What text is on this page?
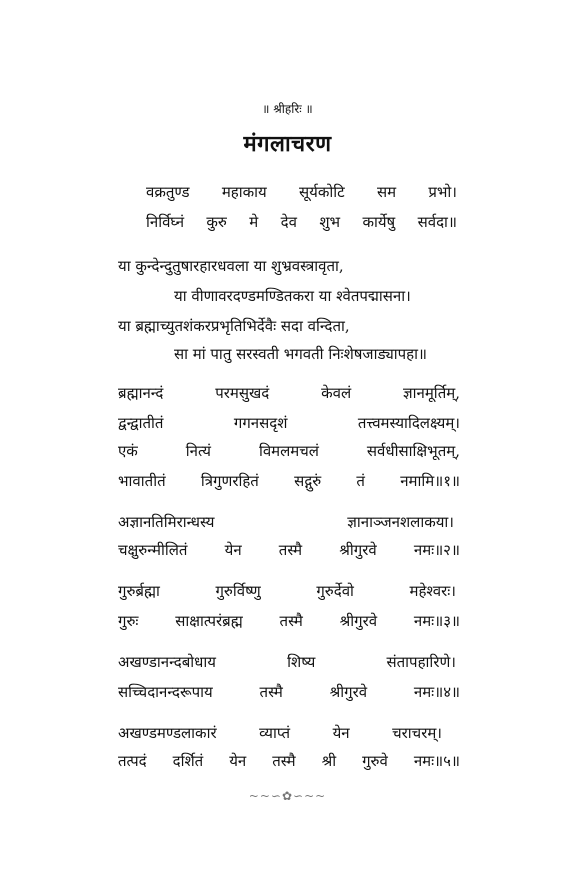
॥ श्रीहरिः ॥
मंगलाचरण
वक्रतुण्ड महाकाय सूर्यकोटि सम प्रभो।
निर्विघ्नं कुरु मे देव शुभ कार्येषु सर्वदा॥
या कुन्देन्दुतुषारहारधवला या शुभ्रवस्त्रावृता,
या वीणावरदण्डमण्डितकरा या श्वेतपद्मासना।
या ब्रह्माच्युतशंकरप्रभृतिभिर्देवैः सदा वन्दिता,
सा मां पातु सरस्वती भगवती निःशेषजाड्यापहा॥
ब्रह्मानन्दं	परमसुखदं	केवलं	ज्ञानमूर्तिम्,
द्वन्द्वातीतं	गगनसदृशं	तत्त्वमस्यादिलक्ष्यम्।
एकं	नित्यं	विमलमचलं	सर्वधीसाक्षिभूतम्,
भावातीतं त्रिगुणरहितं सद्गुरुं तं नमामि॥१॥
अज्ञानतिमिरान्धस्य	ज्ञानाञ्जनशलाकया।
चक्षुरुन्मीलितं येन तस्मै श्रीगुरवे नमः॥२॥
गुरुर्ब्रह्मा	गुरुर्विष्णु	गुरुर्देवो	महेश्वरः।
गुरुः साक्षात्परंब्रह्म तस्मै श्रीगुरवे नमः॥३॥
अखण्डानन्दबोधाय	शिष्य	संतापहारिणे।
सच्चिदानन्दरूपाय	तस्मै	श्रीगुरवे	नमः॥४॥
अखण्डमण्डलाकारं	व्याप्तं	येन	चराचरम्।
तत्पदं दर्शितं येन तस्मै श्री गुरुवे नमः॥५॥
~~∽✿∽~~
